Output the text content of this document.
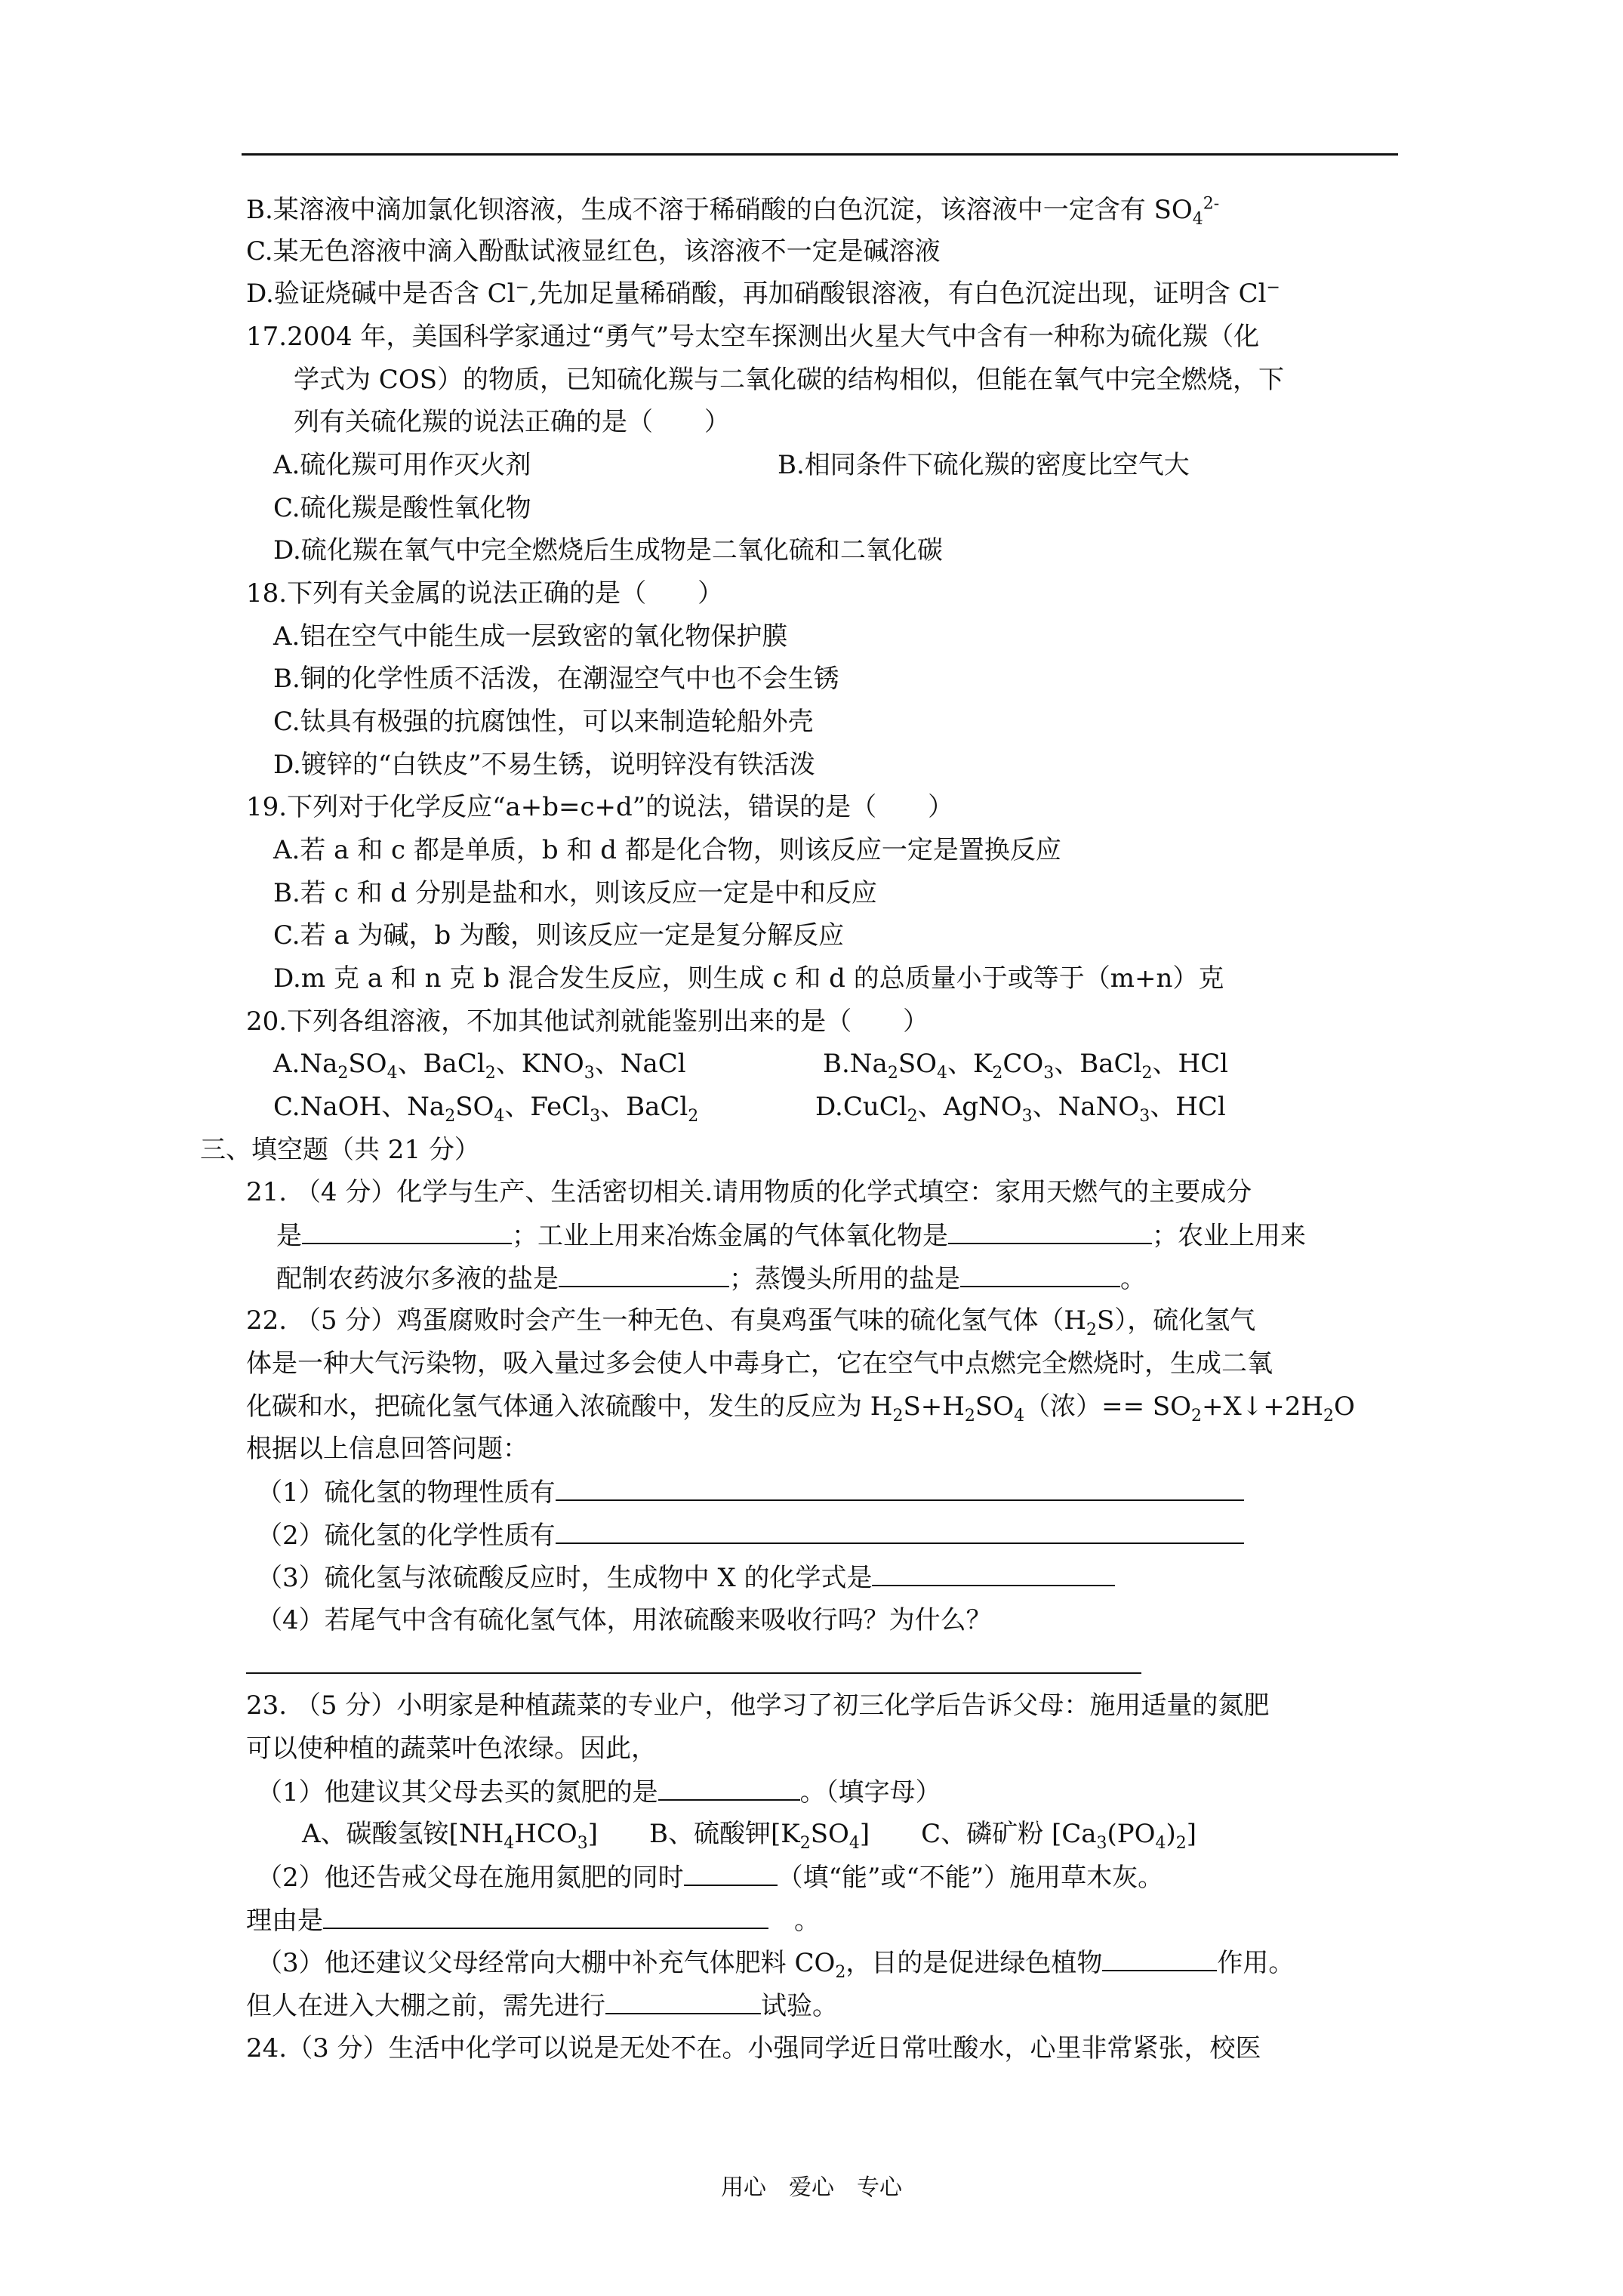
B.某溶液中滴加氯化钡溶液，生成不溶于稀硝酸的白色沉淀，该溶液中一定含有 $SO_4^{2-}$
C.某无色溶液中滴入酚酞试液显红色，该溶液不一定是碱溶液
D.验证烧碱中是否含 Cl−,先加足量稀硝酸，再加硝酸银溶液，有白色沉淀出现，证明含 Cl−
17.2004 年，美国科学家通过“勇气”号太空车探测出火星大气中含有一种称为硫化羰（化
学式为 COS）的物质，已知硫化羰与二氧化碳的结构相似，但能在氧气中完全燃烧，下
列有关硫化羰的说法正确的是（　　）
A.硫化羰可用作灭火剂	B.相同条件下硫化羰的密度比空气大
C.硫化羰是酸性氧化物
D.硫化羰在氧气中完全燃烧后生成物是二氧化硫和二氧化碳
18.下列有关金属的说法正确的是（　　）
A.铝在空气中能生成一层致密的氧化物保护膜
B.铜的化学性质不活泼，在潮湿空气中也不会生锈
C.钛具有极强的抗腐蚀性，可以来制造轮船外壳
D.镀锌的“白铁皮”不易生锈，说明锌没有铁活泼
19.下列对于化学反应“a+b=c+d”的说法，错误的是（　　）
A.若 a 和 c 都是单质，b 和 d 都是化合物，则该反应一定是置换反应
B.若 c 和 d 分别是盐和水，则该反应一定是中和反应
C.若 a 为碱，b 为酸，则该反应一定是复分解反应
D.m 克 a 和 n 克 b 混合发生反应，则生成 c 和 d 的总质量小于或等于（m+n）克
20.下列各组溶液，不加其他试剂就能鉴别出来的是（　　）
$A.Na_2SO_4$、BaCl$_2$、$KNO_3$、NaCl	$B.Na_2SO_4$、$K_2CO_3$、BaCl$_2$、HCl
C.NaOH、$Na_2SO_4$、FeCl$_3$、BaCl$_2$	D.CuCl$_2$、AgNO$_3$、NaNO$_3$、HCl
三、填空题（共 21 分）
21. （4 分）化学与生产、生活密切相关.请用物质的化学式填空：家用天燃气的主要成分
是	；工业上用来冶炼金属的气体氧化物是	；农业上用来
配制农药波尔多液的盐是	；蒸馒头所用的盐是	。
22. （5 分）鸡蛋腐败时会产生一种无色、有臭鸡蛋气味的硫化氢气体$(H_2S)$，硫化氢气
体是一种大气污染物，吸入量过多会使人中毒身亡，它在空气中点燃完全燃烧时，生成二氧
化碳和水，把硫化氢气体通入浓硫酸中，发生的反应为 $H_2S+H_2SO_4$（浓）== $SO_2+X↓+2H_2O$
根据以上信息回答问题：
（1）硫化氢的物理性质有
（2）硫化氢的化学性质有
（3）硫化氢与浓硫酸反应时，生成物中 X 的化学式是
（4）若尾气中含有硫化氢气体，用浓硫酸来吸收行吗？为什么？
23. （5 分）小明家是种植蔬菜的专业户，他学习了初三化学后告诉父母：施用适量的氮肥
可以使种植的蔬菜叶色浓绿。因此，
（1）他建议其父母去买的氮肥的是	。（填字母）
A、碳酸氢铵$[NH_4HCO_3]$　　B、硫酸钾$[K_2SO_4]$　　C、磷矿粉 $[Ca_3(PO_4)_2]$
（2）他还告戒父母在施用氮肥的同时	（填“能”或“不能”）施用草木灰。
理由是	　。
（3）他还建议父母经常向大棚中补充气体肥料 $CO_2$，目的是促进绿色植物	作用。
但人在进入大棚之前，需先进行	试验。
24.（3 分）生活中化学可以说是无处不在。小强同学近日常吐酸水，心里非常紧张，校医
用心　爱心　专心
